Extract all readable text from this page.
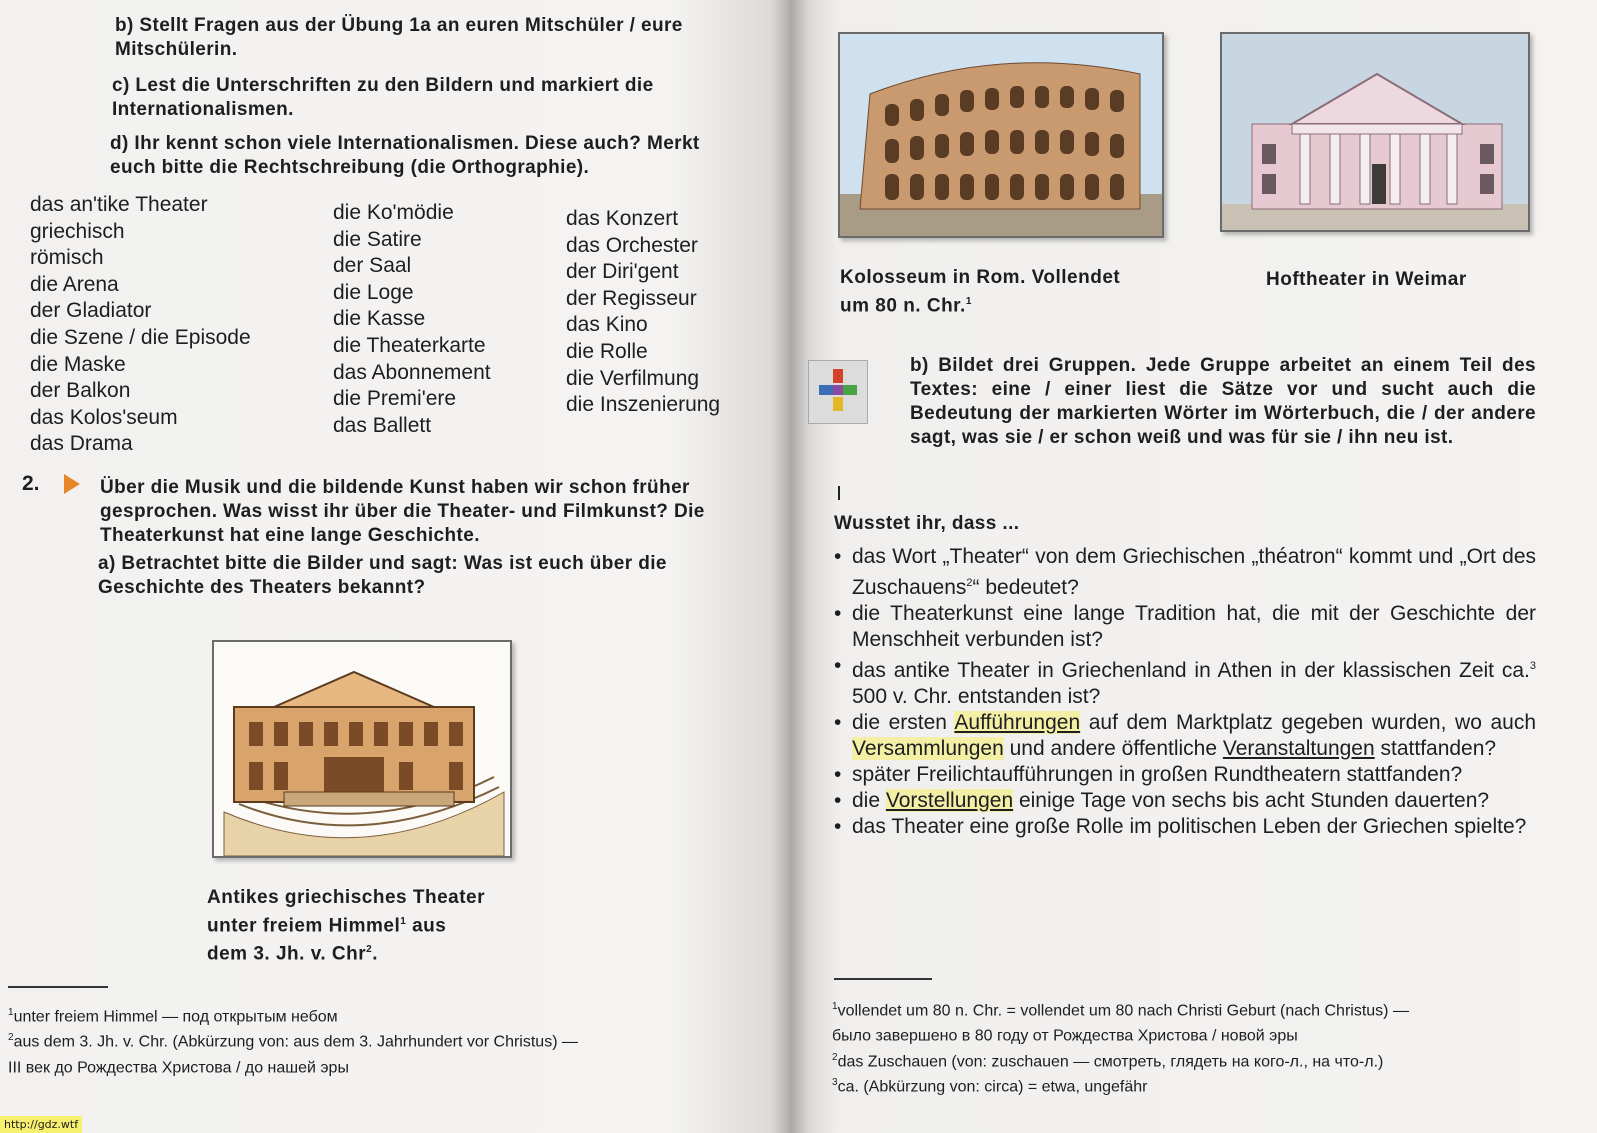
b) Stellt Fragen aus der Übung 1a an euren Mitschüler / eure Mitschülerin.
c) Lest die Unterschriften zu den Bildern und markiert die Internationalismen.
d) Ihr kennt schon viele Internationalismen. Diese auch? Merkt euch bitte die Rechtschreibung (die Orthographie).
das an'tike Theater
griechisch
römisch
die Arena
der Gladiator
die Szene / die Episode
die Maske
der Balkon
das Kolos'seum
das Drama
die Ko'mödie
die Satire
der Saal
die Loge
die Kasse
die Theaterkarte
das Abonnement
die Premi'ere
das Ballett
das Konzert
das Orchester
der Diri'gent
der Regisseur
das Kino
die Rolle
die Verfilmung
die Inszenierung
2.	Über die Musik und die bildende Kunst haben wir schon früher gesprochen. Was wisst ihr über die Theater- und Filmkunst? Die Theaterkunst hat eine lange Geschichte.
a) Betrachtet bitte die Bilder und sagt: Was ist euch über die Geschichte des Theaters bekannt?
Antikes griechisches Theater
unter freiem Himmel$^1$ aus
dem 3. Jh. v. Chr$^2$.
$^1$unter freiem Himmel — под открытым небом
$^2$aus dem 3. Jh. v. Chr. (Abkürzung von: aus dem 3. Jahrhundert vor Christus) —
III век до Рождества Христова / до нашей эры
http://gdz.wtf
Kolosseum in Rom. Vollendet
um 80 n. Chr.$^1$
Hoftheater in Weimar
b) Bildet drei Gruppen. Jede Gruppe arbeitet an einem Teil des Textes: eine / einer liest die Sätze vor und sucht auch die Bedeutung der markierten Wörter im Wörterbuch, die / der andere sagt, was sie / er schon weiß und was für sie / ihn neu ist.
Wusstet ihr, dass ...
• das Wort „Theater“ von dem Griechischen „théatron“ kommt und „Ort des Zuschauens$^2$“ bedeutet?
• die Theaterkunst eine lange Tradition hat, die mit der Geschichte der Menschheit verbunden ist?
• das antike Theater in Griechenland in Athen in der klassischen Zeit ca.$^3$ 500 v. Chr. entstanden ist?
• die ersten Aufführungen auf dem Marktplatz gegeben wurden, wo auch Versammlungen und andere öffentliche Veranstaltungen stattfanden?
• später Freilichtaufführungen in großen Rundtheatern stattfanden?
• die Vorstellungen einige Tage von sechs bis acht Stunden dauerten?
• das Theater eine große Rolle im politischen Leben der Griechen spielte?
$^1$vollendet um 80 n. Chr. = vollendet um 80 nach Christi Geburt (nach Christus) —
было завершено в 80 году от Рождества Христова / новой эры
$^2$das Zuschauen (von: zuschauen — смотреть, глядеть на кого-л., на что-л.)
$^3$ca. (Abkürzung von: circa) = etwa, ungefähr
